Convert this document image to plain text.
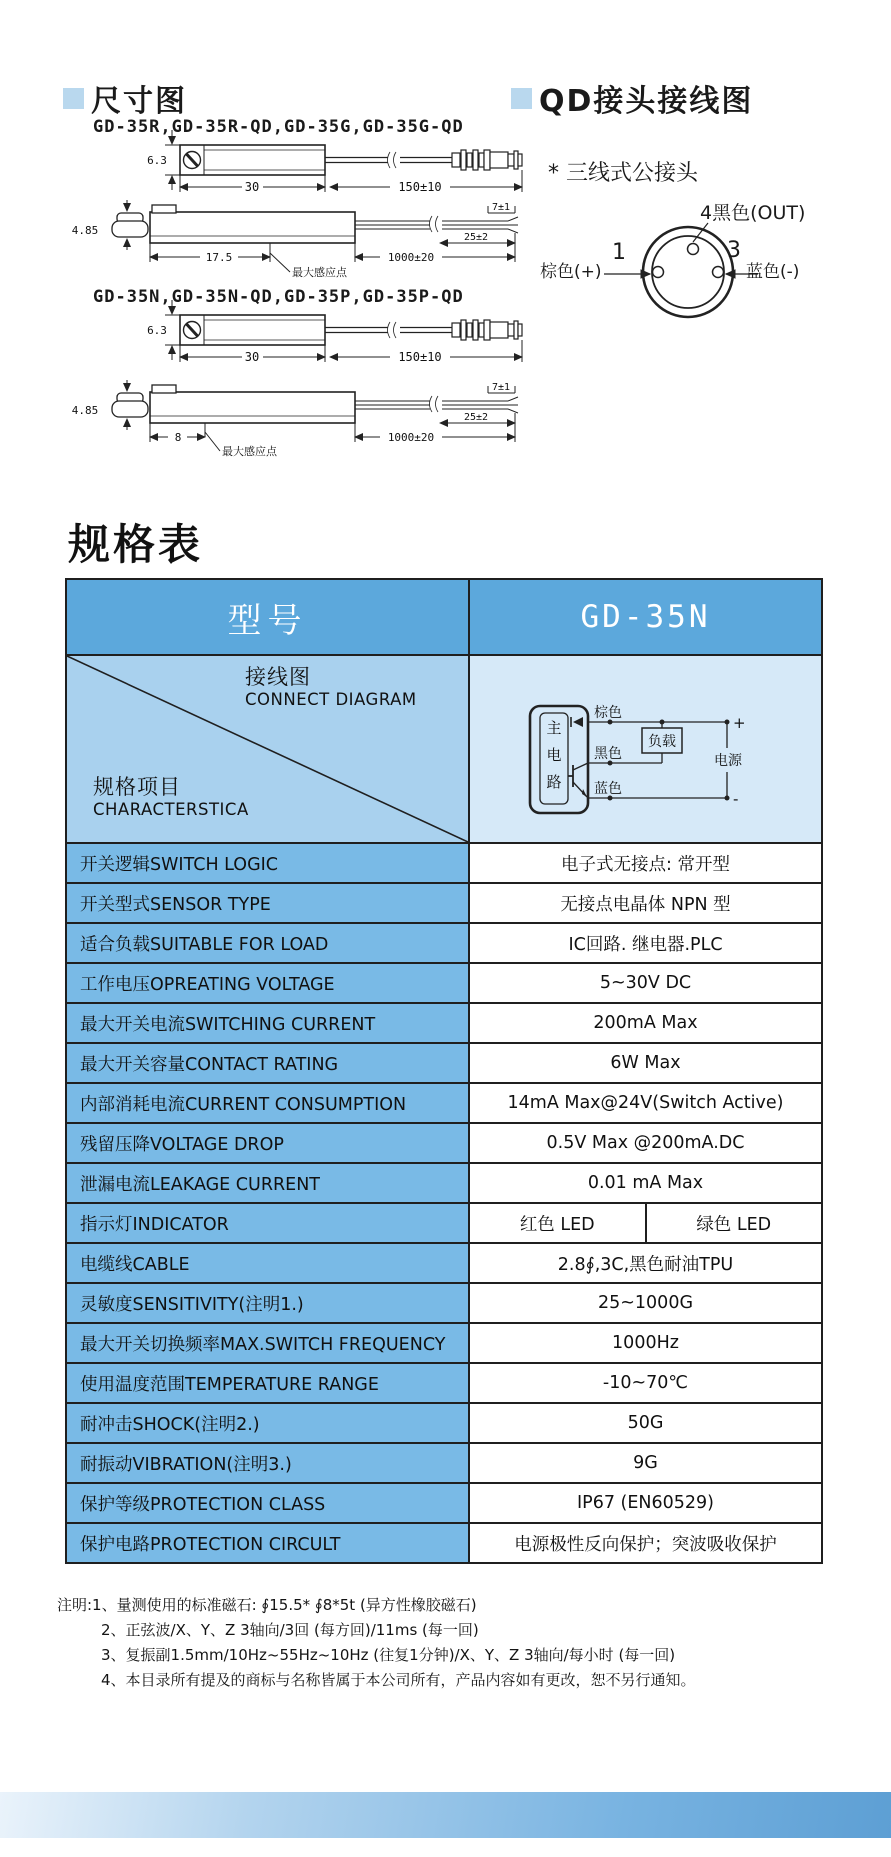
尺寸图	QD接头接线图
GD-35R,GD-35R-QD,GD-35G,GD-35G-QD
GD-35N,GD-35N-QD,GD-35P,GD-35P-QD
6.3
30	150±10
4.85
7±1
25±2
1000±20
17.5
最大感应点
6.3
30	150±10
4.85
7±1
25±2
1000±20
8
最大感应点
* 三线式公接头
4黑色(OUT)
1
棕色(+)
3
蓝色(-)
规格表
型号	GD-35N
接线图
CONNECT DIAGRAM
规格项目
CHARACTERSTICA
主
电
路
棕色
黑色
蓝色
负载
电源
+
-
开关逻辑SWITCH LOGIC	电子式无接点: 常开型
开关型式SENSOR TYPE	无接点电晶体 NPN 型
适合负载SUITABLE FOR LOAD	IC回路. 继电器.PLC
工作电压OPREATING VOLTAGE	5~30V DC
最大开关电流SWITCHING CURRENT	200mA Max
最大开关容量CONTACT RATING	6W Max
内部消耗电流CURRENT CONSUMPTION	14mA Max@24V(Switch Active)
残留压降VOLTAGE DROP	0.5V Max @200mA.DC
泄漏电流LEAKAGE CURRENT	0.01 mA Max
指示灯INDICATOR	红色 LED	绿色 LED
电缆线CABLE	2.8∮,3C,黑色耐油TPU
灵敏度SENSITIVITY(注明1.)	25~1000G
最大开关切换频率MAX.SWITCH FREQUENCY	1000Hz
使用温度范围TEMPERATURE RANGE	-10~70℃
耐冲击SHOCK(注明2.)	50G
耐振动VIBRATION(注明3.)	9G
保护等级PROTECTION CLASS	IP67 (EN60529)
保护电路PROTECTION CIRCULT	电源极性反向保护；突波吸收保护
注明:1、量测使用的标准磁石: ∮15.5* ∮8*5t (异方性橡胶磁石)
2、正弦波/X、Y、Z 3轴向/3回 (每方回)/11ms (每一回)
3、复振副1.5mm/10Hz~55Hz~10Hz (往复1分钟)/X、Y、Z 3轴向/每小时 (每一回)
4、本目录所有提及的商标与名称皆属于本公司所有，产品内容如有更改，恕不另行通知。
